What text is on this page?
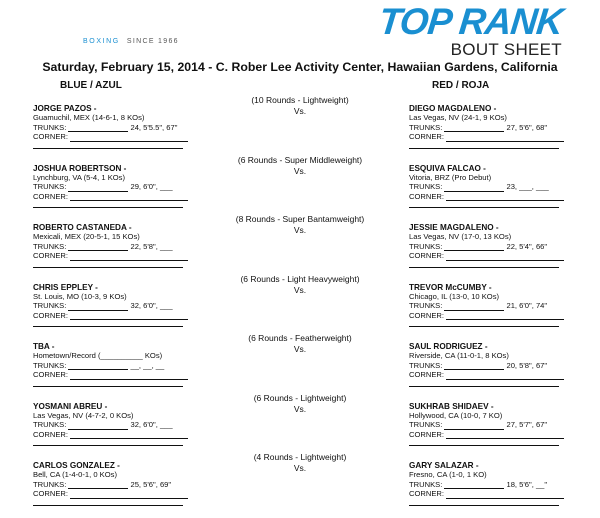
TOP RANK
BOUT SHEET
BOXING SINCE 1966
Saturday, February 15, 2014 - C. Rober Lee Activity Center, Hawaiian Gardens, California
BLUE / AZUL	RED / ROJA
JORGE PAZOS -
Guamuchil, MEX (14-6-1, 8 KOs)
TRUNKS:	24, 5'5.5", 67"
CORNER:
(10 Rounds - Lightweight)
Vs.	DIEGO MAGDALENO -
Las Vegas, NV (24-1, 9 KOs)
TRUNKS:	27, 5'6", 68"
CORNER:
JOSHUA ROBERTSON -
Lynchburg, VA (5-4, 1 KOs)
TRUNKS:	29, 6'0", ___
CORNER:
(6 Rounds - Super Middleweight)
Vs.	ESQUIVA FALCAO -
Vitoria, BRZ (Pro Debut)
TRUNKS:	23, ___, ___
CORNER:
ROBERTO CASTANEDA -
Mexicali, MEX (20-5-1, 15 KOs)
TRUNKS:	22, 5'8", ___
CORNER:
(8 Rounds - Super Bantamweight)
Vs.	JESSIE MAGDALENO -
Las Vegas, NV (17-0, 13 KOs)
TRUNKS:	22, 5'4", 66"
CORNER:
CHRIS EPPLEY -
St. Louis, MO (10-3, 9 KOs)
TRUNKS:	32, 6'0", ___
CORNER:
(6 Rounds - Light Heavyweight)
Vs.	TREVOR McCUMBY -
Chicago, IL (13-0, 10 KOs)
TRUNKS:	21, 6'0", 74"
CORNER:
TBA -
Hometown/Record (__________ KOs)
TRUNKS:	__, __, __
CORNER:
(6 Rounds - Featherweight)
Vs.	SAUL RODRIGUEZ -
Riverside, CA (11-0-1, 8 KOs)
TRUNKS:	20, 5'8", 67"
CORNER:
YOSMANI ABREU -
Las Vegas, NV (4-7-2, 0 KOs)
TRUNKS:	32, 6'0", ___
CORNER:
(6 Rounds - Lightweight)
Vs.	SUKHRAB SHIDAEV -
Hollywood, CA (10-0, 7 KO)
TRUNKS:	27, 5'7", 67"
CORNER:
CARLOS GONZALEZ -
Bell, CA (1-4-0-1, 0 KOs)
TRUNKS:	25, 5'6", 69"
CORNER:
(4 Rounds - Lightweight)
Vs.	GARY SALAZAR -
Fresno, CA (1-0, 1 KO)
TRUNKS:	18, 5'6", __"
CORNER:
